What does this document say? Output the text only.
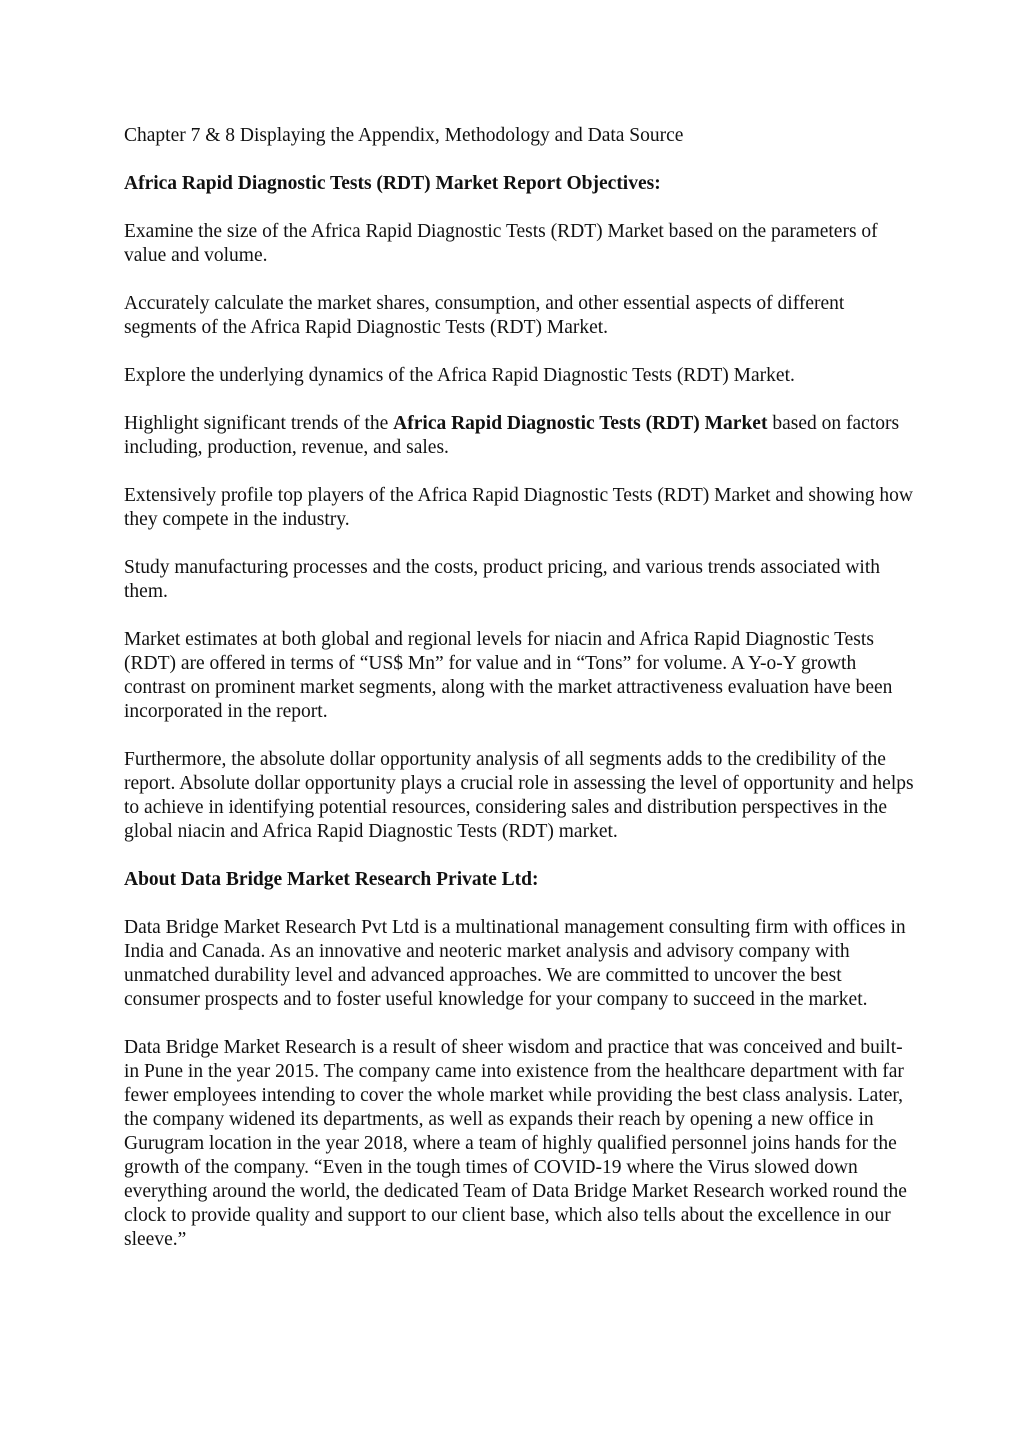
Chapter 7 & 8 Displaying the Appendix, Methodology and Data Source

Africa Rapid Diagnostic Tests (RDT) Market Report Objectives:

Examine the size of the Africa Rapid Diagnostic Tests (RDT) Market based on the parameters of value and volume.

Accurately calculate the market shares, consumption, and other essential aspects of different segments of the Africa Rapid Diagnostic Tests (RDT) Market.

Explore the underlying dynamics of the Africa Rapid Diagnostic Tests (RDT) Market.

Highlight significant trends of the Africa Rapid Diagnostic Tests (RDT) Market based on factors including, production, revenue, and sales.

Extensively profile top players of the Africa Rapid Diagnostic Tests (RDT) Market and showing how they compete in the industry.

Study manufacturing processes and the costs, product pricing, and various trends associated with them.

Market estimates at both global and regional levels for niacin and Africa Rapid Diagnostic Tests (RDT) are offered in terms of “US$ Mn” for value and in “Tons” for volume. A Y-o-Y growth contrast on prominent market segments, along with the market attractiveness evaluation have been incorporated in the report.

Furthermore, the absolute dollar opportunity analysis of all segments adds to the credibility of the report. Absolute dollar opportunity plays a crucial role in assessing the level of opportunity and helps to achieve in identifying potential resources, considering sales and distribution perspectives in the global niacin and Africa Rapid Diagnostic Tests (RDT) market.

About Data Bridge Market Research Private Ltd:

Data Bridge Market Research Pvt Ltd is a multinational management consulting firm with offices in India and Canada. As an innovative and neoteric market analysis and advisory company with unmatched durability level and advanced approaches. We are committed to uncover the best consumer prospects and to foster useful knowledge for your company to succeed in the market.

Data Bridge Market Research is a result of sheer wisdom and practice that was conceived and built-in Pune in the year 2015. The company came into existence from the healthcare department with far fewer employees intending to cover the whole market while providing the best class analysis. Later, the company widened its departments, as well as expands their reach by opening a new office in Gurugram location in the year 2018, where a team of highly qualified personnel joins hands for the growth of the company. “Even in the tough times of COVID-19 where the Virus slowed down everything around the world, the dedicated Team of Data Bridge Market Research worked round the clock to provide quality and support to our client base, which also tells about the excellence in our sleeve.”
